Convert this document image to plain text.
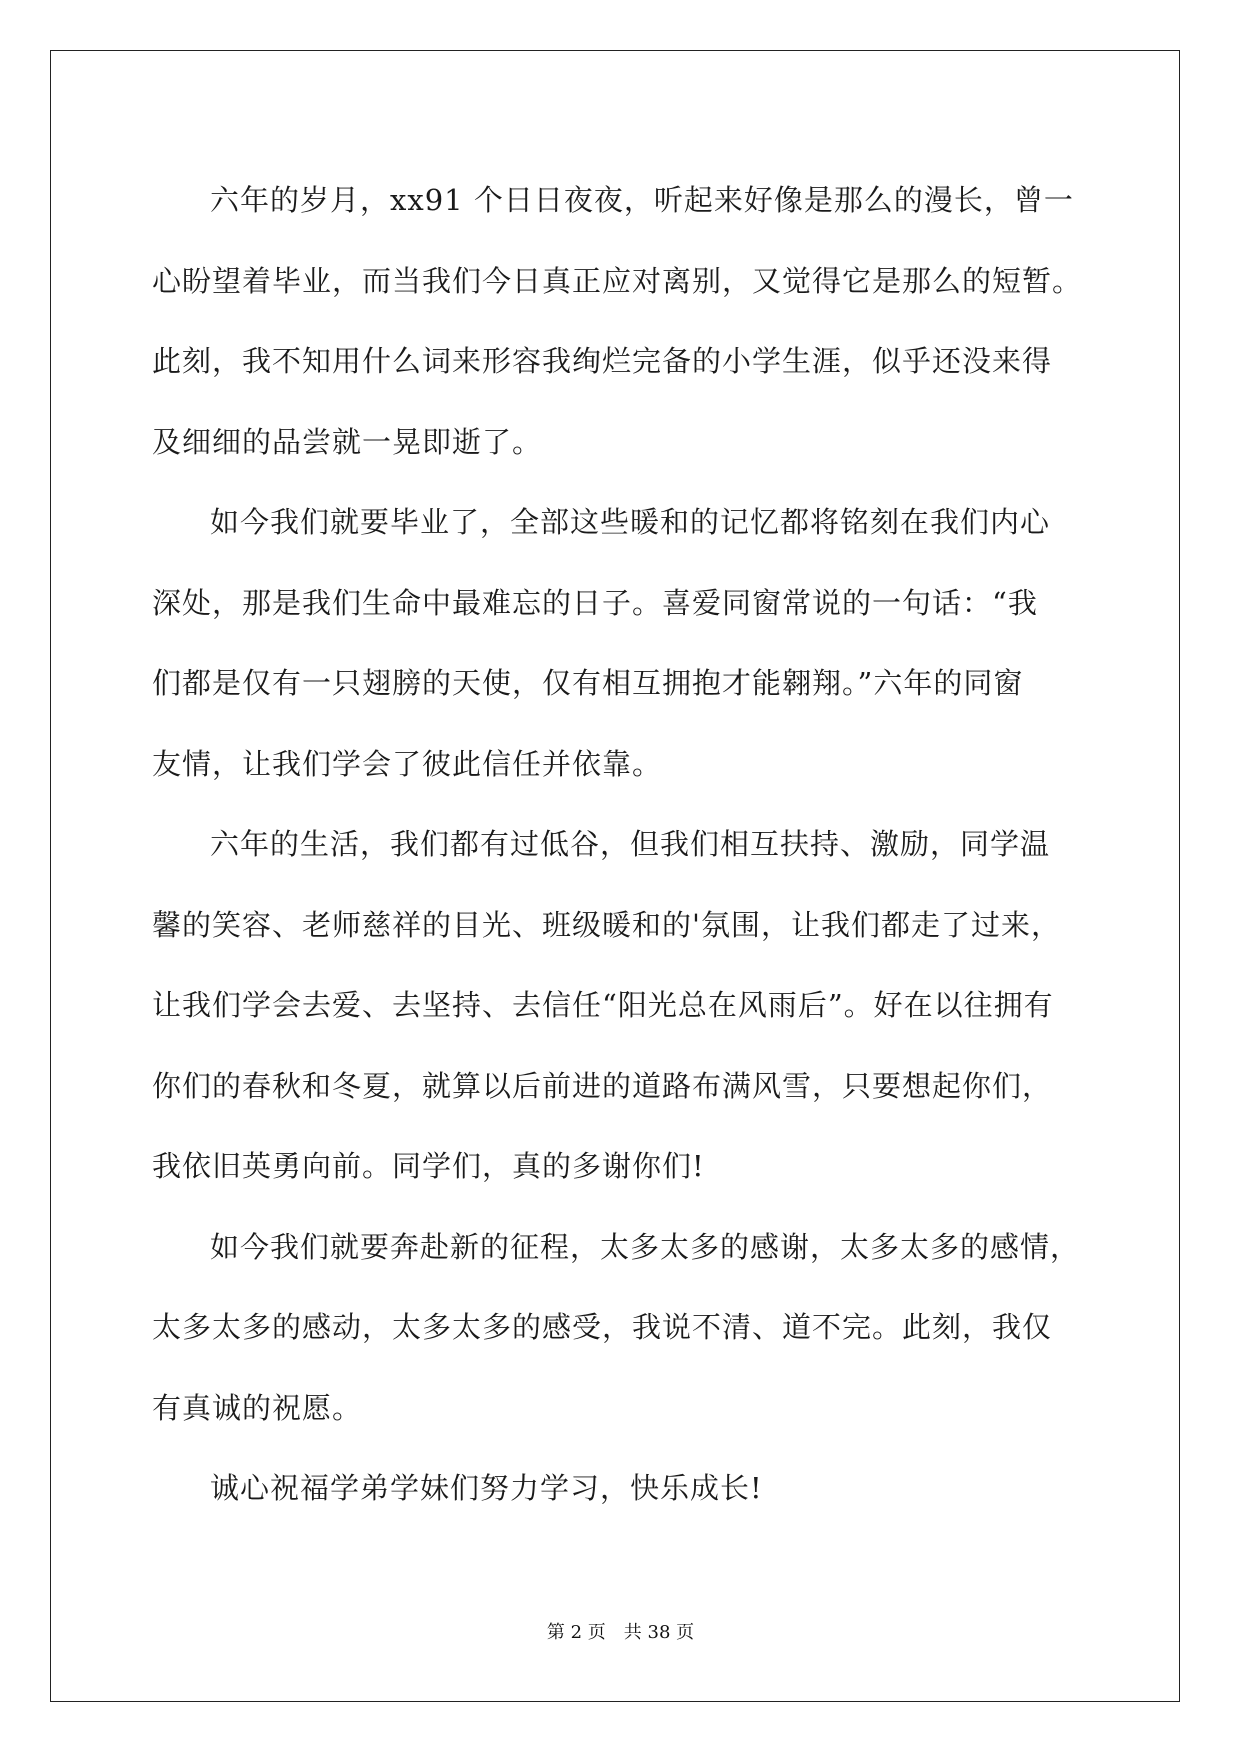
六年的岁月，xx91 个日日夜夜，听起来好像是那么的漫长，曾一
心盼望着毕业，而当我们今日真正应对离别，又觉得它是那么的短暂。
此刻，我不知用什么词来形容我绚烂完备的小学生涯，似乎还没来得
及细细的品尝就一晃即逝了。

如今我们就要毕业了，全部这些暖和的记忆都将铭刻在我们内心
深处，那是我们生命中最难忘的日子。喜爱同窗常说的一句话：“我
们都是仅有一只翅膀的天使，仅有相互拥抱才能翱翔。”六年的同窗
友情，让我们学会了彼此信任并依靠。

六年的生活，我们都有过低谷，但我们相互扶持、激励，同学温
馨的笑容、老师慈祥的目光、班级暖和的'氛围，让我们都走了过来，
让我们学会去爱、去坚持、去信任“阳光总在风雨后”。好在以往拥有
你们的春秋和冬夏，就算以后前进的道路布满风雪，只要想起你们，
我依旧英勇向前。同学们，真的多谢你们!

如今我们就要奔赴新的征程，太多太多的感谢，太多太多的感情，
太多太多的感动，太多太多的感受，我说不清、道不完。此刻，我仅
有真诚的祝愿。

诚心祝福学弟学妹们努力学习，快乐成长!

第 2 页 共 38 页
